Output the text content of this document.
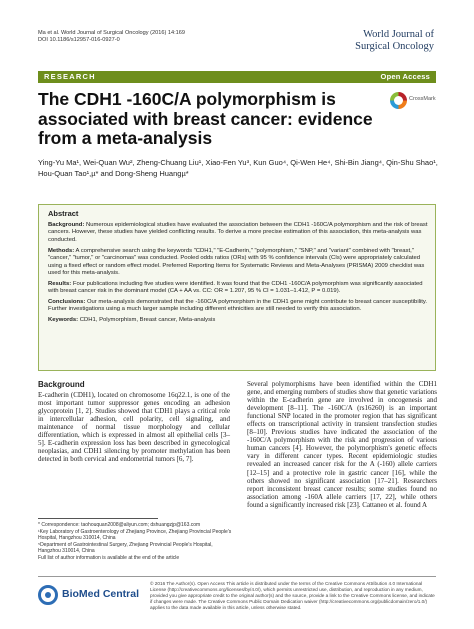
Ma et al. World Journal of Surgical Oncology (2016) 14:169
DOI 10.1186/s12957-016-0927-0
World Journal of
Surgical Oncology
RESEARCH	Open Access
The CDH1 -160C/A polymorphism is associated with breast cancer: evidence from a meta-analysis
CrossMark
Ying-Yu Ma¹, Wei-Quan Wu², Zheng-Chuang Liu¹, Xiao-Fen Yu³, Kun Guo⁴, Qi-Wen He⁴, Shi-Bin Jiang⁴, Qin-Shu Shao¹, Hou-Quan Tao¹,µ* and Dong-Sheng Huangµ*
Abstract

Background: Numerous epidemiological studies have evaluated the association between the CDH1 -160C/A polymorphism and the risk of breast cancers. However, these studies have yielded conflicting results. To derive a more precise estimation of this association, this meta-analysis was conducted.

Methods: A comprehensive search using the keywords "CDH1," "E-Cadherin," "polymorphism," "SNP," and "variant" combined with "breast," "cancer," "tumor," or "carcinomas" was conducted. Pooled odds ratios (ORs) with 95 % confidence intervals (CIs) were appropriately calculated using a fixed effect or random effect model. Preferred Reporting Items for Systematic Reviews and Meta-Analyses (PRISMA) 2009 checklist was used for this meta-analysis.

Results: Four publications including five studies were identified. It was found that the CDH1 -160C/A polymorphism was significantly associated with breast cancer risk in the dominant model (CA + AA vs. CC: OR = 1.207, 95 % CI = 1.031–1.412, P = 0.019).

Conclusions: Our meta-analysis demonstrated that the -160C/A polymorphism in the CDH1 gene might contribute to breast cancer susceptibility. Further investigations using a much larger sample including different ethnicities are still needed to verify this association.

Keywords: CDH1, Polymorphism, Breast cancer, Meta-analysis

Background

E-cadherin (CDH1), located on chromosome 16q22.1, is one of the most important tumor suppressor genes encoding an adhesion glycoprotein [1, 2]. Studies showed that CDH1 plays a critical role in intercellular adhesion, cell polarity, cell signaling, and maintenance of normal tissue morphology and cellular differentiation, which is expressed in almost all epithelial cells [3–5]. E-cadherin expression loss has been described in gynecological neoplasias, and CDH1 silencing by promoter methylation has been detected in both cervical and endometrial tumors [6, 7].

Several polymorphisms have been identified within the CDH1 gene, and emerging numbers of studies show that genetic variations within the E-cadherin gene are involved in oncogenesis and development [8–11]. The -160C/A (rs16260) is an important functional SNP located in the promoter region that has significant effects on transcriptional activity in transient transfection studies [8–10]. Previous studies have indicated the association of the -160C/A polymorphism with the risk and progression of various human cancers [4]. However, the polymorphism's genetic effects vary in different cancer types. Recent epidemiologic studies revealed an increased cancer risk for the A (-160) allele carriers [12–15] and a protective role in gastric cancer [16], while the others showed no significant association [17–21]. Researchers report inconsistent breast cancer results; some studies found no association among -160A allele carriers [17, 22], while others found a significantly increased risk [23]. Cattaneo et al. found A

* Correspondence: taohouquan2008@aliyun.com; dshuangzjp@163.com
¹Key Laboratory of Gastroenterology of Zhejiang Province, Zhejiang Provincial People's Hospital, Hangzhou 310014, China
⁵Department of Gastrointestinal Surgery, Zhejiang Provincial People's Hospital, Hangzhou 310014, China
Full list of author information is available at the end of the article
BioMed Central
© 2016 The Author(s). Open Access This article is distributed under the terms of the Creative Commons Attribution 4.0 International License (http://creativecommons.org/licenses/by/4.0/), which permits unrestricted use, distribution, and reproduction in any medium, provided you give appropriate credit to the original author(s) and the source, provide a link to the Creative Commons license, and indicate if changes were made. The Creative Commons Public Domain Dedication waiver (http://creativecommons.org/publicdomain/zero/1.0/) applies to the data made available in this article, unless otherwise stated.
